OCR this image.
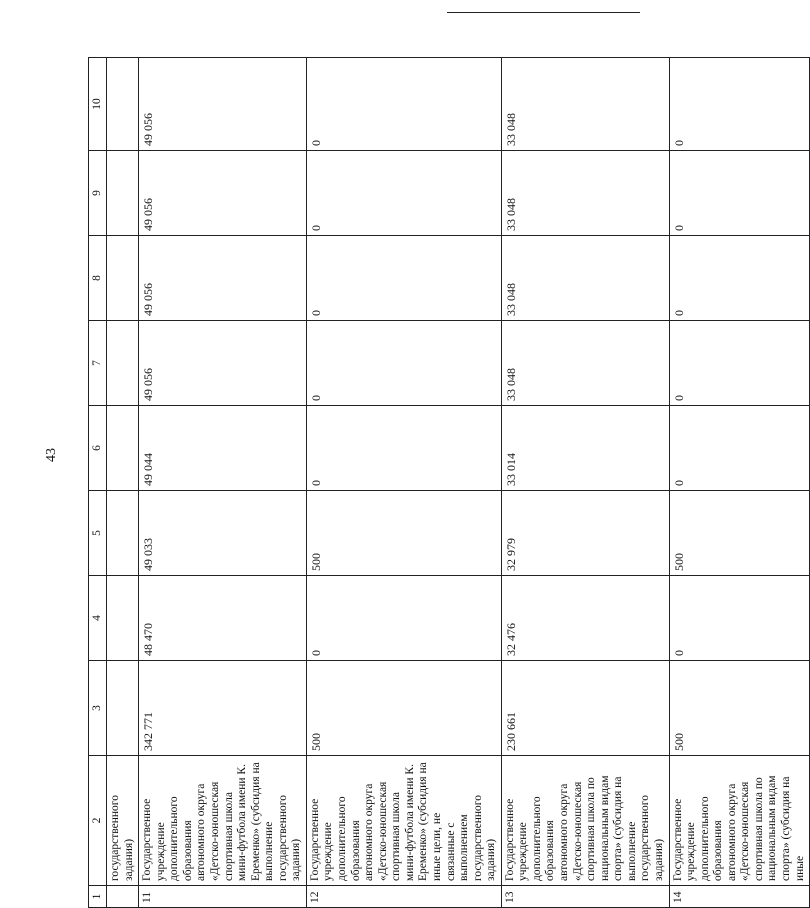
43
1	2	3	4	5	6	7	8	9	10
	государственного задания)								
11	Государственное учреждение дополнительного образования автономного округа «Детско-юношеская спортивная школа мини-футбола имени К. Еременко» (субсидия на выполнение государственного задания)	342 771	48 470	49 033	49 044	49 056	49 056	49 056	49 056
12	Государственное учреждение дополнительного образования автономного округа «Детско-юношеская спортивная школа мини-футбола имени К. Еременко» (субсидия на иные цели, не связанные с выполнением государственного задания)	500	0	500	0	0	0	0	0
13	Государственное учреждение дополнительного образования автономного округа «Детско-юношеская спортивная школа по национальным видам спорта» (субсидия на выполнение государственного задания)	230 661	32 476	32 979	33 014	33 048	33 048	33 048	33 048
14	Государственное учреждение дополнительного образования автономного округа «Детско-юношеская спортивная школа по национальным видам спорта» (субсидия на иные	500	0	500	0	0	0	0	0
